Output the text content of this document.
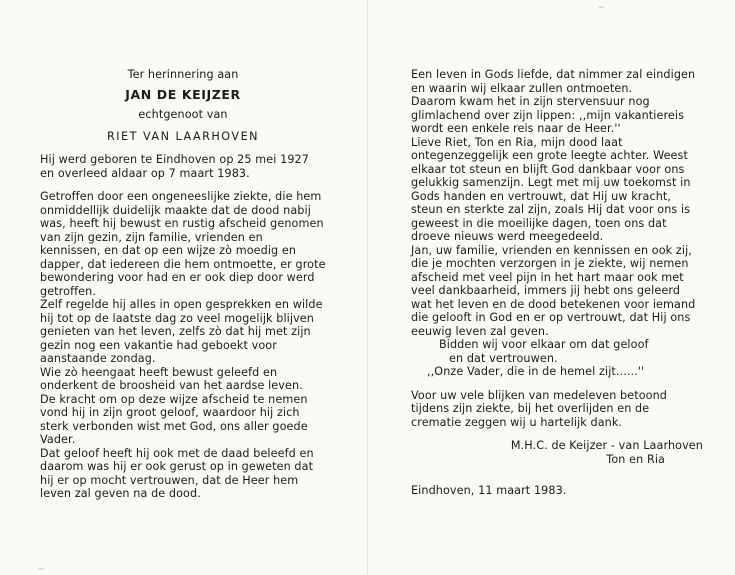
Ter herinnering aan
JAN DE KEIJZER
echtgenoot van
RIET VAN LAARHOVEN

Hij werd geboren te Eindhoven op 25 mei 1927 en overleed aldaar op 7 maart 1983.

Getroffen door een ongeneeslijke ziekte, die hem onmiddellijk duidelijk maakte dat de dood nabij was, heeft hij bewust en rustig afscheid genomen van zijn gezin, zijn familie, vrienden en kennissen, en dat op een wijze zò moedig en dapper, dat iedereen die hem ontmoette, er grote bewondering voor had en er ook diep door werd getroffen.

Zelf regelde hij alles in open gesprekken en wilde hij tot op de laatste dag zo veel mogelijk blijven genieten van het leven, zelfs zò dat hij met zijn gezin nog een vakantie had geboekt voor aanstaande zondag.

Wie zò heengaat heeft bewust geleefd en onderkent de broosheid van het aardse leven.

De kracht om op deze wijze afscheid te nemen vond hij in zijn groot geloof, waardoor hij zich sterk verbonden wist met God, ons aller goede Vader.

Dat geloof heeft hij ook met de daad beleefd en daarom was hij er ook gerust op in geweten dat hij er op mocht vertrouwen, dat de Heer hem leven zal geven na de dood.

Een leven in Gods liefde, dat nimmer zal eindigen en waarin wij elkaar zullen ontmoeten.

Daarom kwam het in zijn stervensuur nog glimlachend over zijn lippen: ,,mijn vakantiereis wordt een enkele reis naar de Heer.''

Lieve Riet, Ton en Ria, mijn dood laat ontegenzeggelijk een grote leegte achter. Weest elkaar tot steun en blijft God dankbaar voor ons gelukkig samenzijn. Legt met mij uw toekomst in Gods handen en vertrouwt, dat Hij uw kracht, steun en sterkte zal zijn, zoals Hij dat voor ons is geweest in die moeilijke dagen, toen ons dat droeve nieuws werd meegedeeld.

Jan, uw familie, vrienden en kennissen en ook zij, die je mochten verzorgen in je ziekte, wij nemen afscheid met veel pijn in het hart maar ook met veel dankbaarheid, immers jij hebt ons geleerd wat het leven en de dood betekenen voor iemand die gelooft in God en er op vertrouwt, dat Hij ons eeuwig leven zal geven.

Bidden wij voor elkaar om dat geloof
en dat vertrouwen.
,,Onze Vader, die in de hemel zijt......''

Voor uw vele blijken van medeleven betoond tijdens zijn ziekte, bij het overlijden en de crematie zeggen wij u hartelijk dank.

M.H.C. de Keijzer - van Laarhoven
Ton en Ria
Eindhoven, 11 maart 1983.
